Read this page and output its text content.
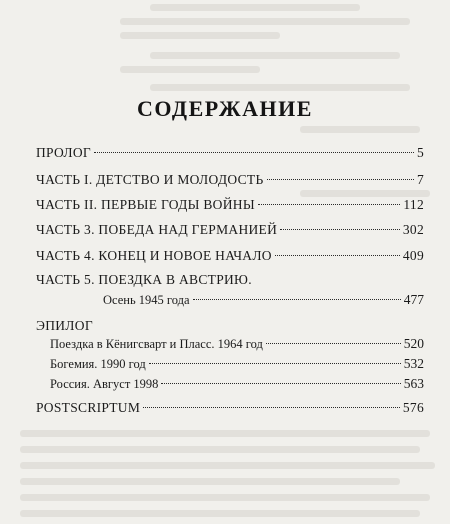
СОДЕРЖАНИЕ
ПРОЛОГ	5
ЧАСТЬ I. ДЕТСТВО И МОЛОДОСТЬ	7
ЧАСТЬ II. ПЕРВЫЕ ГОДЫ ВОЙНЫ	112
ЧАСТЬ 3. ПОБЕДА НАД ГЕРМАНИЕЙ	302
ЧАСТЬ 4. КОНЕЦ И НОВОЕ НАЧАЛО	409
ЧАСТЬ 5. ПОЕЗДКА В АВСТРИЮ.
Осень 1945 года	477
ЭПИЛОГ
Поездка в Кёнигсварт и Пласс. 1964 год	520
Богемия. 1990 год	532
Россия. Август 1998	563
POSTSCRIPTUM	576
